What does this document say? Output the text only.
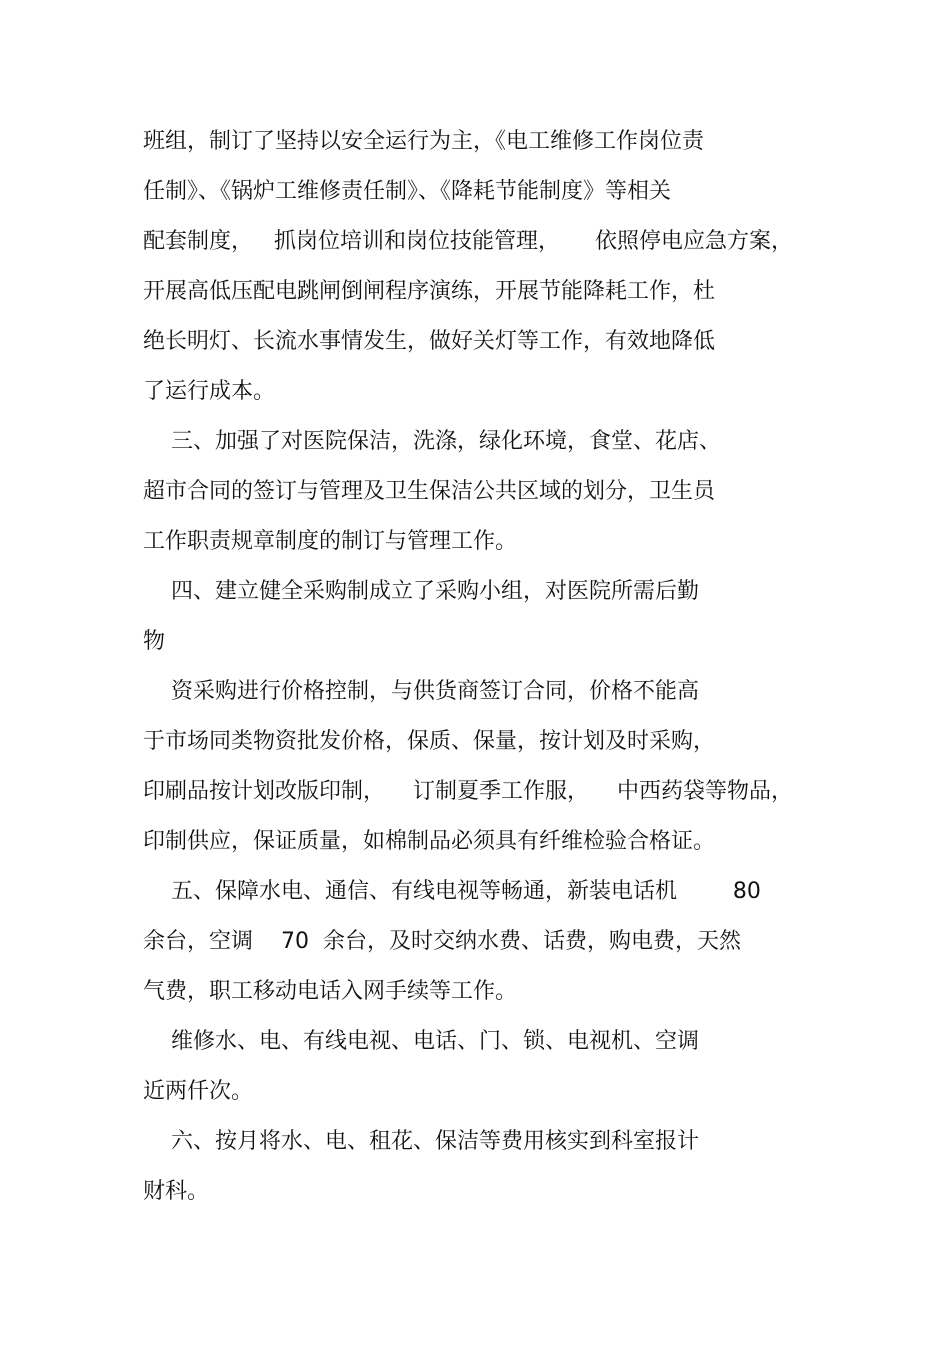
班组，制订了坚持以安全运行为主，《电工维修工作岗位责

任制》、《锅炉工维修责任制》、《降耗节能制度》等相关

配套制度，   抓岗位培训和岗位技能管理，     依照停电应急方案，

开展高低压配电跳闸倒闸程序演练，开展节能降耗工作，杜

绝长明灯、长流水事情发生，做好关灯等工作，有效地降低

了运行成本。

三、加强了对医院保洁，洗涤，绿化环境，食堂、花店、

超市合同的签订与管理及卫生保洁公共区域的划分，卫生员

工作职责规章制度的制订与管理工作。

四、建立健全采购制成立了采购小组，对医院所需后勤

物

资采购进行价格控制，与供货商签订合同，价格不能高

于市场同类物资批发价格，保质、保量，按计划及时采购，

印刷品按计划改版印制，    订制夏季工作服，    中西药袋等物品，

印制供应，保证质量，如棉制品必须具有纤维检验合格证。

五、保障水电、通信、有线电视等畅通，新装电话机        80

余台，空调    70  余台，及时交纳水费、话费，购电费，天然

气费，职工移动电话入网手续等工作。

维修水、电、有线电视、电话、门、锁、电视机、空调

近两仟次。

六、按月将水、电、租花、保洁等费用核实到科室报计

财科。
